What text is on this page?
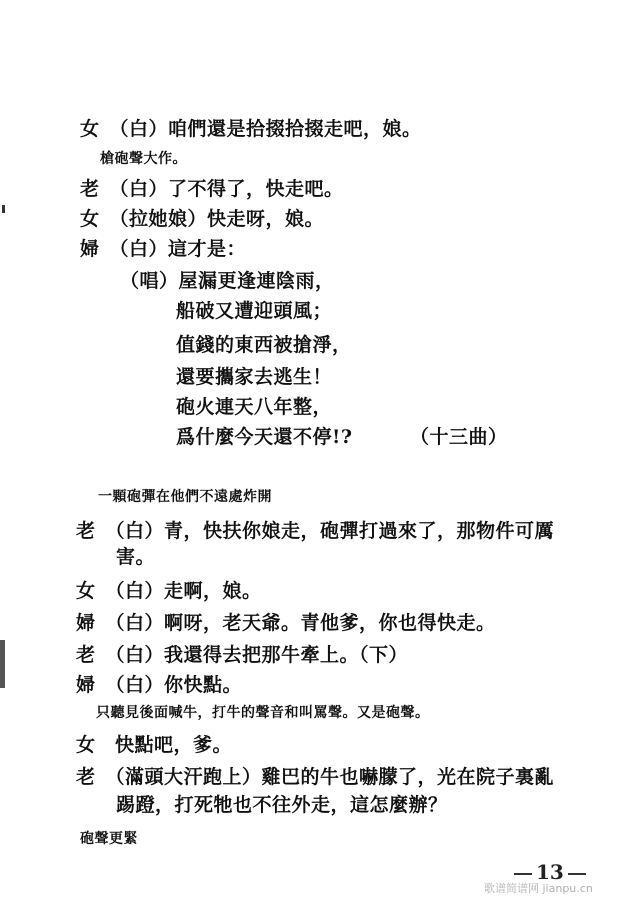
女　（白）咱們還是拾掇拾掇走吧，娘。
槍砲聲大作。
老　（白）了不得了，快走吧。
女　（拉她娘）快走呀，娘。
婦　（白）這才是：
（唱）屋漏更逢連陰雨，
船破又遭迎頭風；
值錢的東西被搶淨，
還要攜家去逃生！
砲火連天八年整，
爲什麼今天還不停!?	（十三曲）
一顆砲彈在他們不遠處炸開
老　（白）青，快扶你娘走，砲彈打過來了，那物件可厲
害。
女　（白）走啊，娘。
婦　（白）啊呀，老天爺。青他爹，你也得快走。
老　（白）我還得去把那牛牽上。（下）
婦　（白）你快點。
只聽見後面喊牛，打牛的聲音和叫罵聲。又是砲聲。
女　快點吧，爹。
老　（滿頭大汗跑上）雞巴的牛也嚇朦了，光在院子裏亂
踢蹬，打死牠也不往外走，這怎麼辦？
砲聲更緊
13
歌谱简谱网 jianpu.cn
